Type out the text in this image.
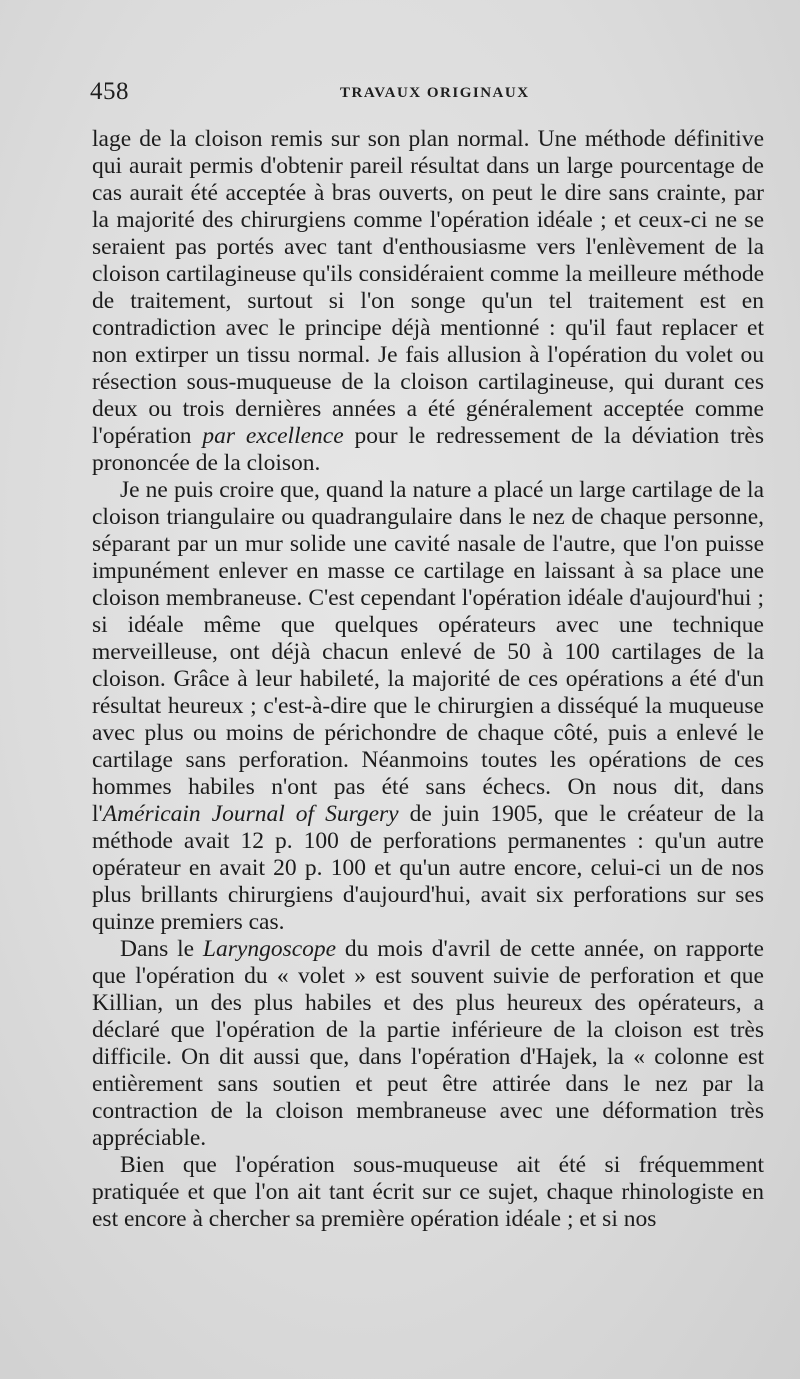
458	TRAVAUX ORIGINAUX

lage de la cloison remis sur son plan normal. Une méthode définitive qui aurait permis d'obtenir pareil résultat dans un large pourcentage de cas aurait été acceptée à bras ouverts, on peut le dire sans crainte, par la majorité des chirurgiens comme l'opération idéale ; et ceux-ci ne se seraient pas portés avec tant d'enthousiasme vers l'enlèvement de la cloison cartilagineuse qu'ils considéraient comme la meilleure méthode de traitement, surtout si l'on songe qu'un tel traitement est en contradiction avec le principe déjà mentionné : qu'il faut replacer et non extirper un tissu normal. Je fais allusion à l'opération du volet ou résection sous-muqueuse de la cloison cartilagineuse, qui durant ces deux ou trois dernières années a été généralement acceptée comme l'opération par excellence pour le redressement de la déviation très prononcée de la cloison.

Je ne puis croire que, quand la nature a placé un large cartilage de la cloison triangulaire ou quadrangulaire dans le nez de chaque personne, séparant par un mur solide une cavité nasale de l'autre, que l'on puisse impunément enlever en masse ce cartilage en laissant à sa place une cloison membraneuse. C'est cependant l'opération idéale d'aujourd'hui ; si idéale même que quelques opérateurs avec une technique merveilleuse, ont déjà chacun enlevé de 50 à 100 cartilages de la cloison. Grâce à leur habileté, la majorité de ces opérations a été d'un résultat heureux ; c'est-à-dire que le chirurgien a disséqué la muqueuse avec plus ou moins de périchondre de chaque côté, puis a enlevé le cartilage sans perforation. Néanmoins toutes les opérations de ces hommes habiles n'ont pas été sans échecs. On nous dit, dans l'Américain Journal of Surgery de juin 1905, que le créateur de la méthode avait 12 p. 100 de perforations permanentes : qu'un autre opérateur en avait 20 p. 100 et qu'un autre encore, celui-ci un de nos plus brillants chirurgiens d'aujourd'hui, avait six perforations sur ses quinze premiers cas.

Dans le Laryngoscope du mois d'avril de cette année, on rapporte que l'opération du « volet » est souvent suivie de perforation et que Killian, un des plus habiles et des plus heureux des opérateurs, a déclaré que l'opération de la partie inférieure de la cloison est très difficile. On dit aussi que, dans l'opération d'Hajek, la « colonne est entièrement sans soutien et peut être attirée dans le nez par la contraction de la cloison membraneuse avec une déformation très appréciable.

Bien que l'opération sous-muqueuse ait été si fréquemment pratiquée et que l'on ait tant écrit sur ce sujet, chaque rhinologiste en est encore à chercher sa première opération idéale ; et si nos
